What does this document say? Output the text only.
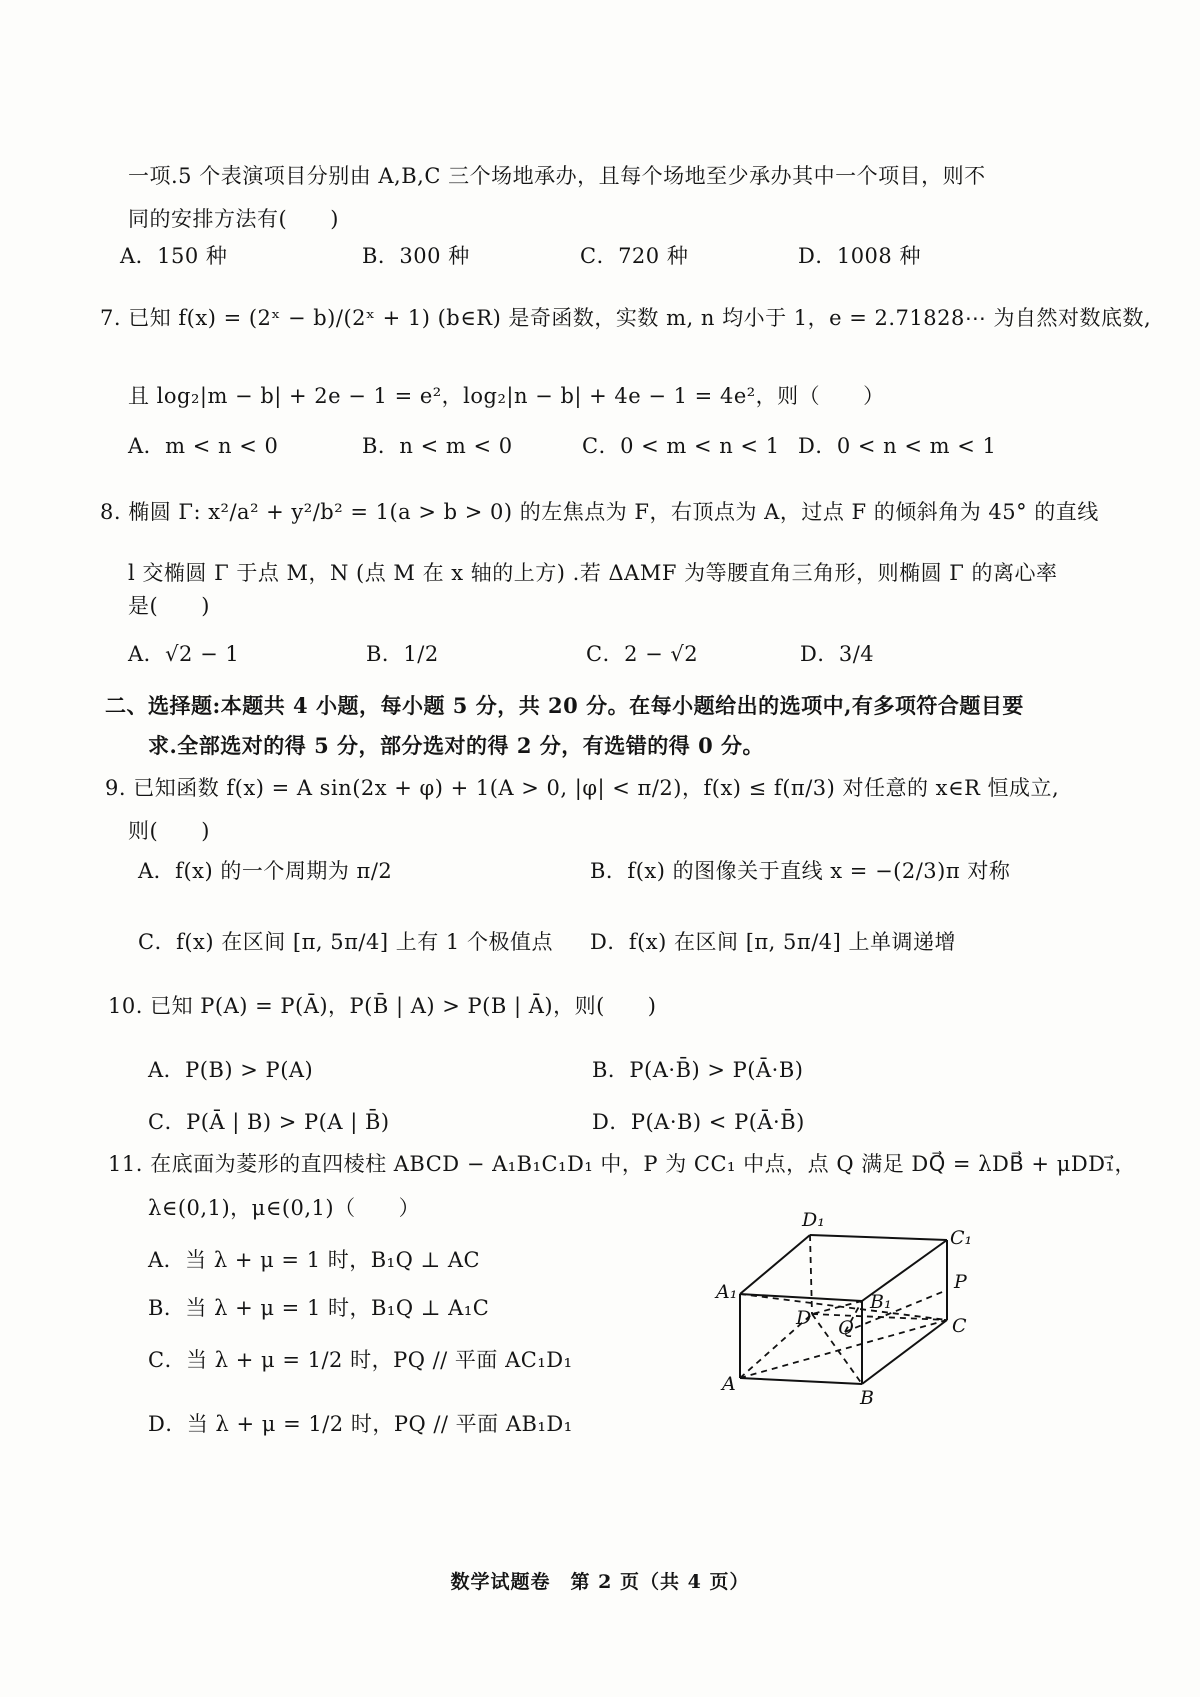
一项.5 个表演项目分别由 A,B,C 三个场地承办，且每个场地至少承办其中一个项目，则不
同的安排方法有(　　)
A．150 种	B．300 种	C．720 种	D．1008 种
7. 已知 f(x) = (2ˣ − b)/(2ˣ + 1) (b∈R) 是奇函数，实数 m, n 均小于 1，e = 2.71828⋯ 为自然对数底数,
且 log₂|m − b| + 2e − 1 = e²，log₂|n − b| + 4e − 1 = 4e²，则（　　）
A．m < n < 0	B．n < m < 0	C．0 < m < n < 1 D．0 < n < m < 1
8. 椭圆 Γ: x²/a² + y²/b² = 1(a > b > 0) 的左焦点为 F，右顶点为 A，过点 F 的倾斜角为 45° 的直线
l 交椭圆 Γ 于点 M，N (点 M 在 x 轴的上方) .若 ΔAMF 为等腰直角三角形，则椭圆 Γ 的离心率
是(　　)
A．√2 − 1	B．1/2	C．2 − √2	D．3/4
二、选择题:本题共 4 小题，每小题 5 分，共 20 分。在每小题给出的选项中,有多项符合题目要
求.全部选对的得 5 分，部分选对的得 2 分，有选错的得 0 分。
9. 已知函数 f(x) = A sin(2x + φ) + 1(A > 0, |φ| < π/2)，f(x) ≤ f(π/3) 对任意的 x∈R 恒成立,
则(　　)
A．f(x) 的一个周期为 π/2	B．f(x) 的图像关于直线 x = −(2/3)π 对称
C．f(x) 在区间 [π, 5π/4] 上有 1 个极值点 D．f(x) 在区间 [π, 5π/4] 上单调递增
10. 已知 P(A) = P(Ā)，P(B̄ | A) > P(B | Ā)，则(　　)
A．P(B) > P(A)	B．P(A·B̄) > P(Ā·B)
C．P(Ā | B) > P(A | B̄)	D．P(A·B) < P(Ā·B̄)
11. 在底面为菱形的直四棱柱 ABCD − A₁B₁C₁D₁ 中，P 为 CC₁ 中点，点 Q 满足 DQ⃗ = λDB⃗ + μDD₁⃗，
λ∈(0,1)，μ∈(0,1)（　　）
A．当 λ + μ = 1 时，B₁Q ⊥ AC
B．当 λ + μ = 1 时，B₁Q ⊥ A₁C
C．当 λ + μ = 1/2 时，PQ // 平面 AC₁D₁
D．当 λ + μ = 1/2 时，PQ // 平面 AB₁D₁
D₁
C₁
P
A₁	B₁
D Q	C
A
B
数学试题卷　第 2 页（共 4 页）
